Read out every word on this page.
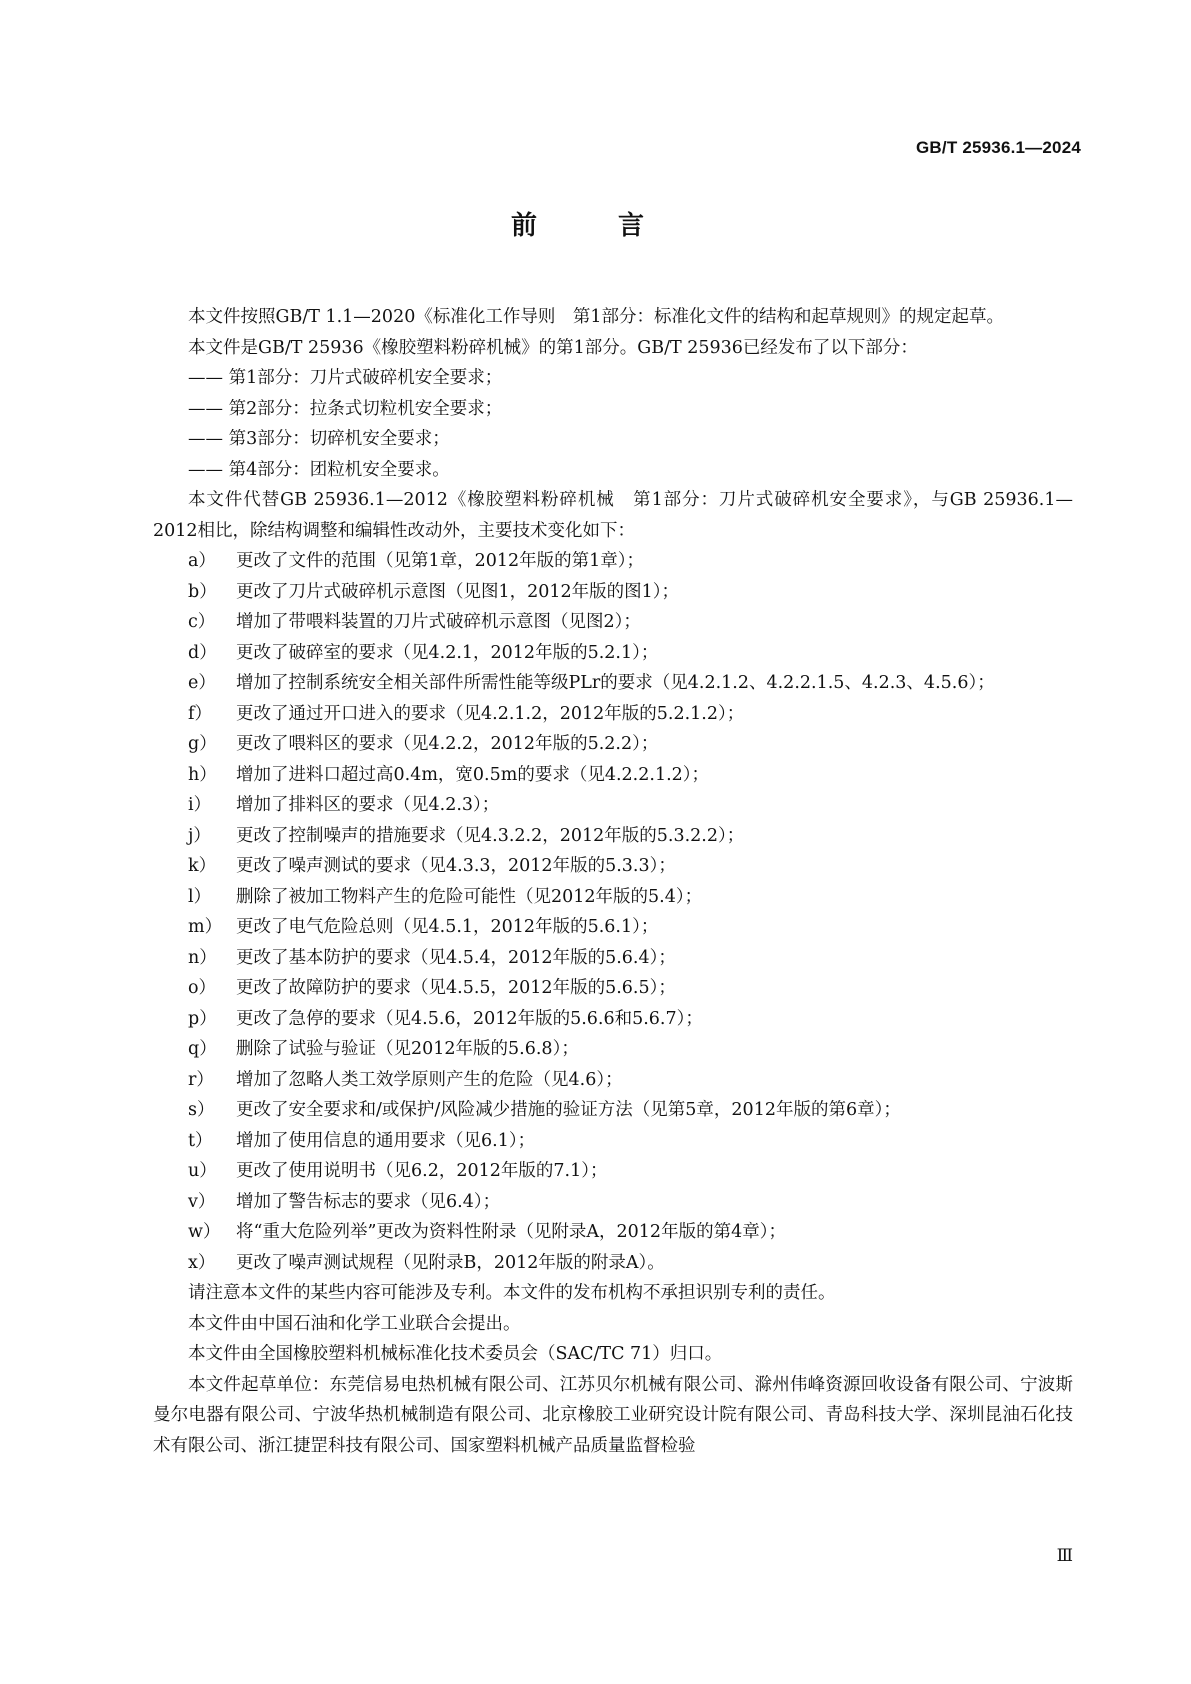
GB/T 25936.1—2024
前 言

本文件按照GB/T 1.1—2020《标准化工作导则　第1部分：标准化文件的结构和起草规则》的规定起草。

本文件是GB/T 25936《橡胶塑料粉碎机械》的第1部分。GB/T 25936已经发布了以下部分：

—— 第1部分：刀片式破碎机安全要求；

—— 第2部分：拉条式切粒机安全要求；

—— 第3部分：切碎机安全要求；

—— 第4部分：团粒机安全要求。

本文件代替GB 25936.1—2012《橡胶塑料粉碎机械　第1部分：刀片式破碎机安全要求》，与GB 25936.1—2012相比，除结构调整和编辑性改动外，主要技术变化如下：

a）	更改了文件的范围（见第1章，2012年版的第1章）；
b）	更改了刀片式破碎机示意图（见图1，2012年版的图1）；
c）	增加了带喂料装置的刀片式破碎机示意图（见图2）；
d）	更改了破碎室的要求（见4.2.1，2012年版的5.2.1）；
e）	增加了控制系统安全相关部件所需性能等级PLr的要求（见4.2.1.2、4.2.2.1.5、4.2.3、4.5.6）；
f）	更改了通过开口进入的要求（见4.2.1.2，2012年版的5.2.1.2）；
g）	更改了喂料区的要求（见4.2.2，2012年版的5.2.2）；
h）	增加了进料口超过高0.4m，宽0.5m的要求（见4.2.2.1.2）；
i）	增加了排料区的要求（见4.2.3）；
j）	更改了控制噪声的措施要求（见4.3.2.2，2012年版的5.3.2.2）；
k）	更改了噪声测试的要求（见4.3.3，2012年版的5.3.3）；
l）	删除了被加工物料产生的危险可能性（见2012年版的5.4）；
m） 更改了电气危险总则（见4.5.1，2012年版的5.6.1）；
n）	更改了基本防护的要求（见4.5.4，2012年版的5.6.4）；
o）	更改了故障防护的要求（见4.5.5，2012年版的5.6.5）；
p）	更改了急停的要求（见4.5.6，2012年版的5.6.6和5.6.7）；
q）	删除了试验与验证（见2012年版的5.6.8）；
r）	增加了忽略人类工效学原则产生的危险（见4.6）；
s）	更改了安全要求和/或保护/风险减少措施的验证方法（见第5章，2012年版的第6章）；
t）	增加了使用信息的通用要求（见6.1）；
u）	更改了使用说明书（见6.2，2012年版的7.1）；
v）	增加了警告标志的要求（见6.4）；
w） 将“重大危险列举”更改为资料性附录（见附录A，2012年版的第4章）；
x）	更改了噪声测试规程（见附录B，2012年版的附录A）。

请注意本文件的某些内容可能涉及专利。本文件的发布机构不承担识别专利的责任。

本文件由中国石油和化学工业联合会提出。

本文件由全国橡胶塑料机械标准化技术委员会（SAC/TC 71）归口。

本文件起草单位：东莞信易电热机械有限公司、江苏贝尔机械有限公司、滁州伟峰资源回收设备有限公司、宁波斯曼尔电器有限公司、宁波华热机械制造有限公司、北京橡胶工业研究设计院有限公司、青岛科技大学、深圳昆油石化技术有限公司、浙江捷罡科技有限公司、国家塑料机械产品质量监督检验

Ⅲ
